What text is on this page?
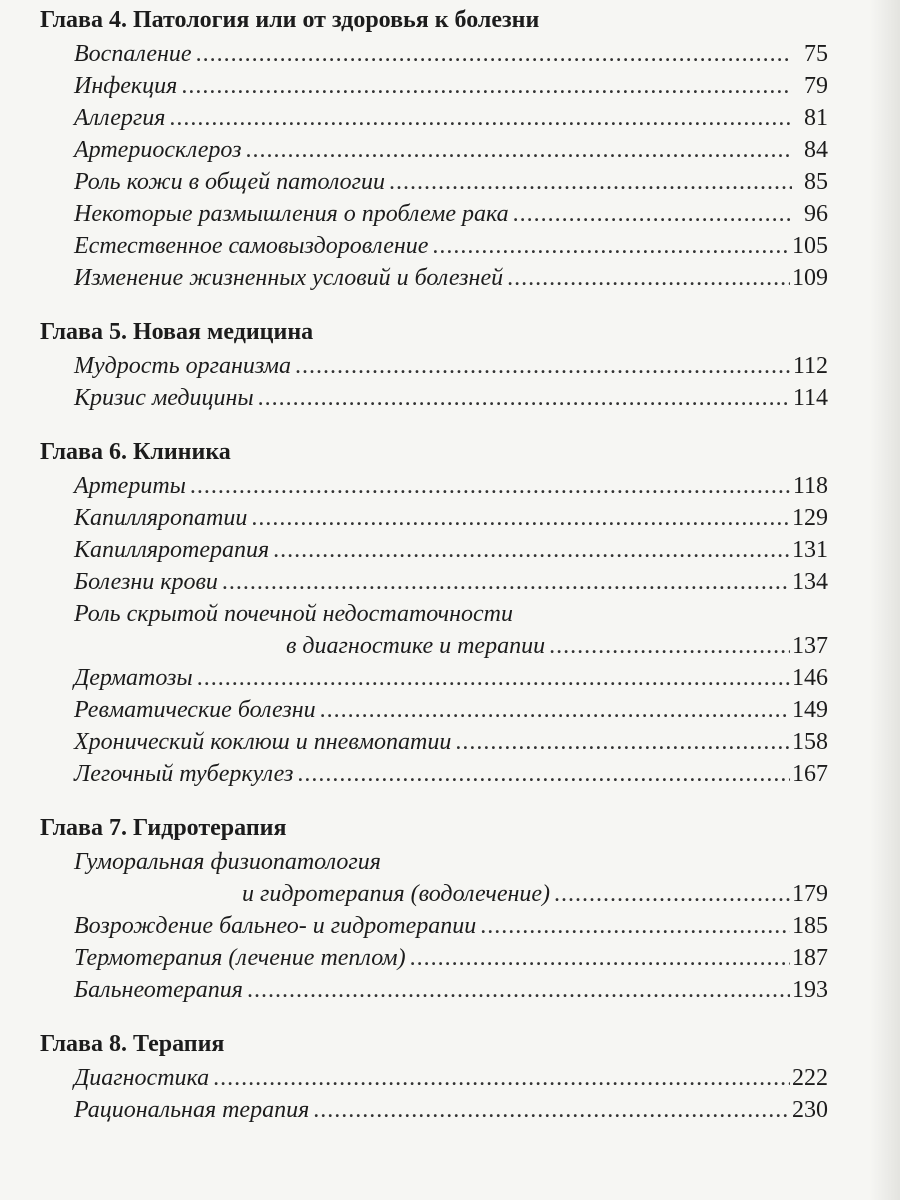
Глава 4. Патология или от здоровья к болезни
Воспаление .....	75
Инфекция .....	79
Аллергия .....	81
Артериосклероз .....	84
Роль кожи в общей патологии .....	85
Некоторые размышления о проблеме рака .....	96
Естественное самовыздоровление .....	105
Изменение жизненных условий и болезней .....	109
Глава 5. Новая медицина
Мудрость организма .....	112
Кризис медицины .....	114
Глава 6. Клиника
Артериты .....	118
Капилляропатии .....	129
Капилляротерапия .....	131
Болезни крови .....	134
Роль скрытой почечной недостаточности
в диагностике и терапии .....	137
Дерматозы .....	146
Ревматические болезни .....	149
Хронический коклюш и пневмопатии .....	158
Легочный туберкулез .....	167
Глава 7. Гидротерапия
Гуморальная физиопатология
и гидротерапия (водолечение) .....	179
Возрождение бальнео- и гидротерапии .....	185
Термотерапия (лечение теплом) .....	187
Бальнеотерапия .....	193
Глава 8. Терапия
Диагностика .....	222
Рациональная терапия .....	230
